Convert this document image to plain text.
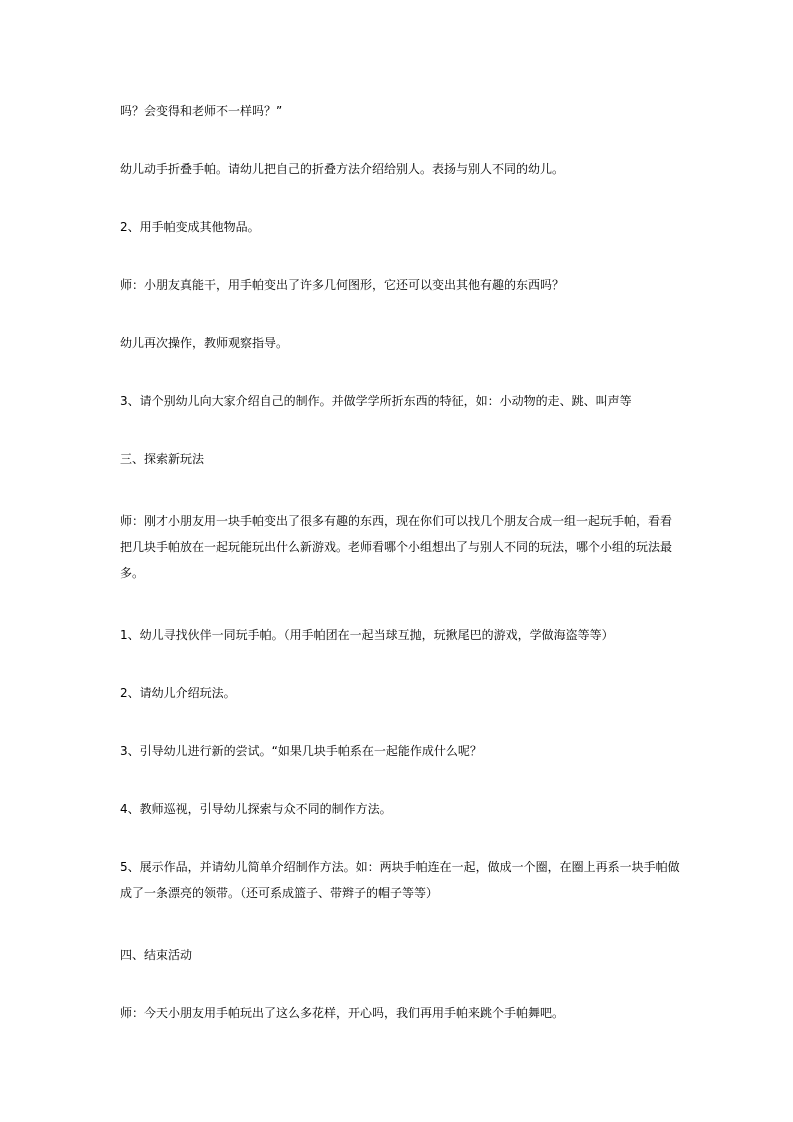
吗？会变得和老师不一样吗？”

幼儿动手折叠手帕。请幼儿把自己的折叠方法介绍给别人。表扬与别人不同的幼儿。

2、用手帕变成其他物品。

师：小朋友真能干，用手帕变出了许多几何图形，它还可以变出其他有趣的东西吗？

幼儿再次操作，教师观察指导。

3、请个别幼儿向大家介绍自己的制作。并做学学所折东西的特征，如：小动物的走、跳、叫声等

三、探索新玩法

师：刚才小朋友用一块手帕变出了很多有趣的东西，现在你们可以找几个朋友合成一组一起玩手帕，看看把几块手帕放在一起玩能玩出什么新游戏。老师看哪个小组想出了与别人不同的玩法，哪个小组的玩法最多。

1、幼儿寻找伙伴一同玩手帕。（用手帕团在一起当球互抛，玩揪尾巴的游戏，学做海盗等等）

2、请幼儿介绍玩法。

3、引导幼儿进行新的尝试。“如果几块手帕系在一起能作成什么呢？

4、教师巡视，引导幼儿探索与众不同的制作方法。

5、展示作品，并请幼儿简单介绍制作方法。如：两块手帕连在一起，做成一个圈，在圈上再系一块手帕做成了一条漂亮的领带。（还可系成篮子、带辫子的帽子等等）

四、结束活动

师：今天小朋友用手帕玩出了这么多花样，开心吗，我们再用手帕来跳个手帕舞吧。
